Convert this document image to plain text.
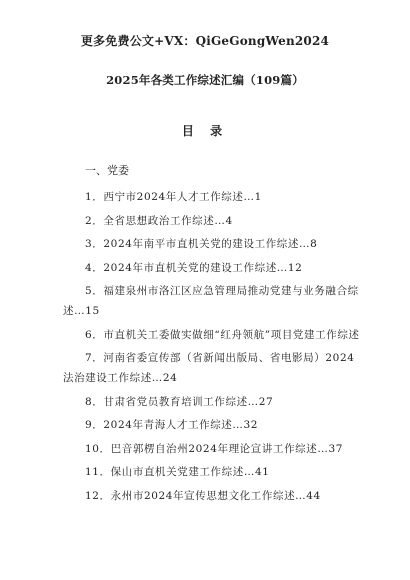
更多免费公文+VX：QiGeGongWen2024
2025年各类工作综述汇编（109篇）
目 录
一、党委
1．西宁市2024年人才工作综述…1
2．全省思想政治工作综述…4
3．2024年南平市直机关党的建设工作综述…8
4．2024年市直机关党的建设工作综述…12
5．福建泉州市洛江区应急管理局推动党建与业务融合综述…15
6．市直机关工委做实做细“红舟领航”项目党建工作综述
7．河南省委宣传部（省新闻出版局、省电影局）2024法治建设工作综述…24
8．甘肃省党员教育培训工作综述…27
9．2024年青海人才工作综述…32
10．巴音郭楞自治州2024年理论宣讲工作综述…37
11．保山市直机关党建工作综述…41
12．永州市2024年宣传思想文化工作综述…44
